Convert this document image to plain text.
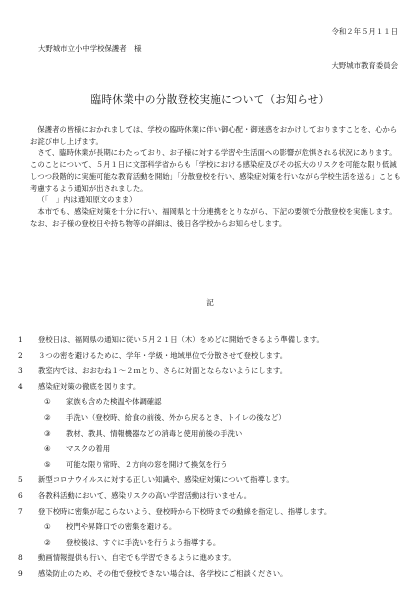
令和２年５月１１日
大野城市立小中学校保護者　様
大野城市教育委員会
臨時休業中の分散登校実施について（お知らせ）

保護者の皆様におかれましては、学校の臨時休業に伴い御心配・御迷惑をおかけしておりますことを、心からお詫び申し上げます。

さて、臨時休業が長期にわたっており、お子様に対する学習や生活面への影響が危惧される状況にあります。このことについて、５月１日に文部科学省からも「学校における感染症及びその拡大のリスクを可能な限り低減しつつ段階的に実施可能な教育活動を開始」「分散登校を行い、感染症対策を行いながら学校生活を送る」ことも考慮するよう通知が出されました。

（「　」内は通知原文のまま）

本市でも、感染症対策を十分に行い、福岡県と十分連携をとりながら、下記の要領で分散登校を実施します。なお、お子様の登校日や持ち物等の詳細は、後日各学校からお知らせします。

記
1	登校日は、福岡県の通知に従い５月２１日（木）をめどに開始できるよう準備します。
2	３つの密を避けるために、学年・学級・地域単位で分散させて登校します。
3	教室内では、おおむね１～２ｍとり、さらに対面とならないようにします。
4	感染症対策の徹底を図ります。
①	家族も含めた検温や体調確認
②	手洗い（登校時、給食の前後、外から戻るとき、トイレの後など）
③	教材、教具、情報機器などの消毒と使用前後の手洗い
④	マスクの着用
⑤	可能な限り常時、２方向の窓を開けて換気を行う
5	新型コロナウイルスに対する正しい知識や、感染症対策について指導します。
6	各教科活動において、感染リスクの高い学習活動は行いません。
7	登下校時に密集が起こらないよう、登校時から下校時までの動線を指定し、指導します。
①	校門や昇降口での密集を避ける。
②	登校後は、すぐに手洗いを行うよう指導する。
8	動画情報提供も行い、自宅でも学習できるように進めます。
9	感染防止のため、その他で登校できない場合は、各学校にご相談ください。
